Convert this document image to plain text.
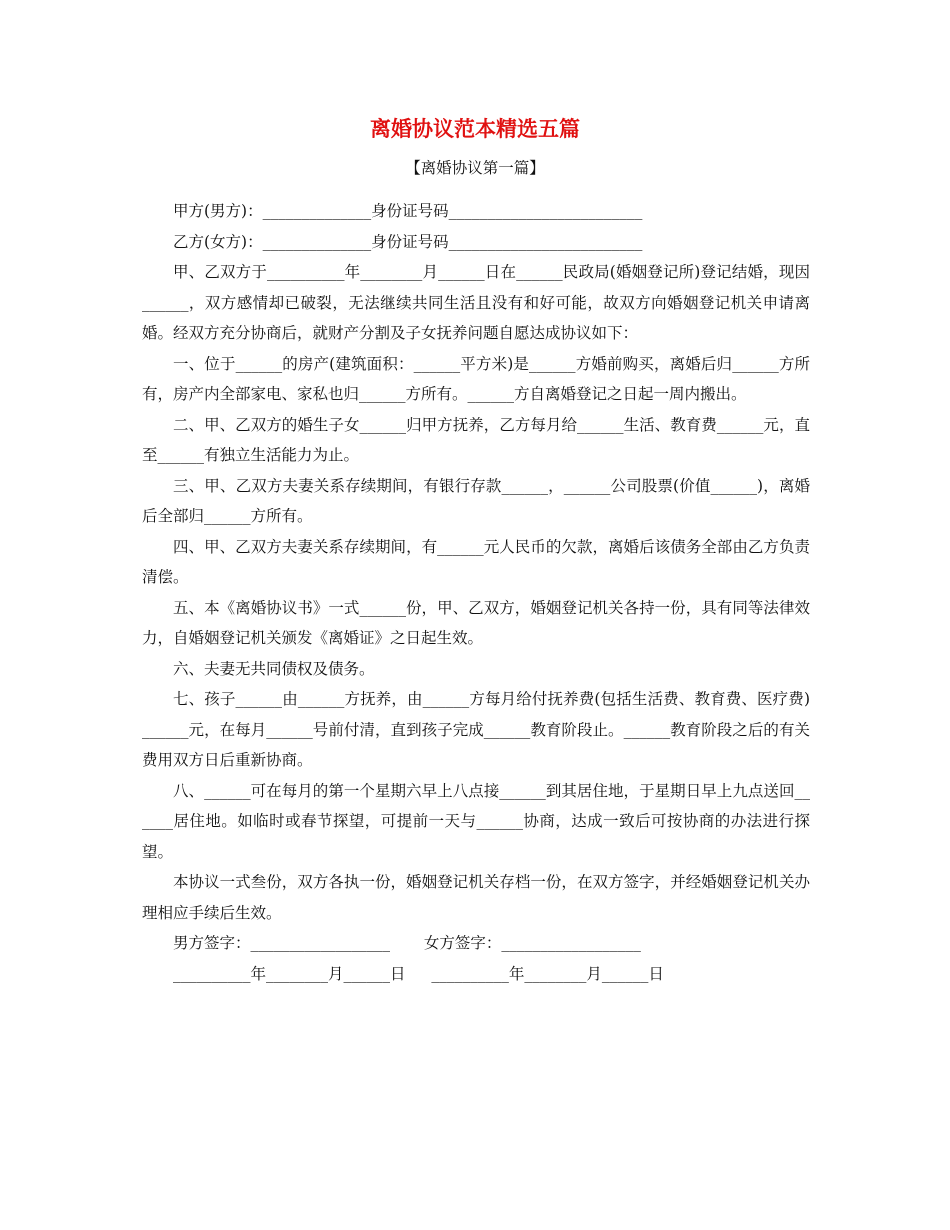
离婚协议范本精选五篇
【离婚协议第一篇】

甲方(男方)：______________身份证号码_________________________

乙方(女方)：______________身份证号码_________________________

甲、乙双方于__________年________月______日在______民政局(婚姻登记所)登记结婚，现因______，双方感情却已破裂，无法继续共同生活且没有和好可能，故双方向婚姻登记机关申请离婚。经双方充分协商后，就财产分割及子女抚养问题自愿达成协议如下：

一、位于______的房产(建筑面积：______平方米)是______方婚前购买，离婚后归______方所有，房产内全部家电、家私也归______方所有。______方自离婚登记之日起一周内搬出。

二、甲、乙双方的婚生子女______归甲方抚养，乙方每月给______生活、教育费______元，直至______有独立生活能力为止。

三、甲、乙双方夫妻关系存续期间，有银行存款______，______公司股票(价值______)，离婚后全部归______方所有。

四、甲、乙双方夫妻关系存续期间，有______元人民币的欠款，离婚后该债务全部由乙方负责清偿。

五、本《离婚协议书》一式______份，甲、乙双方，婚姻登记机关各持一份，具有同等法律效力，自婚姻登记机关颁发《离婚证》之日起生效。

六、夫妻无共同债权及债务。

七、孩子______由______方抚养，由______方每月给付抚养费(包括生活费、教育费、医疗费)______元，在每月______号前付清，直到孩子完成______教育阶段止。______教育阶段之后的有关费用双方日后重新协商。

八、______可在每月的第一个星期六早上八点接______到其居住地，于星期日早上九点送回______居住地。如临时或春节探望，可提前一天与______协商，达成一致后可按协商的办法进行探望。

本协议一式叁份，双方各执一份，婚姻登记机关存档一份，在双方签字，并经婚姻登记机关办理相应手续后生效。

男方签字：__________________ 女方签字：__________________
__________年________月______日 __________年________月______日
